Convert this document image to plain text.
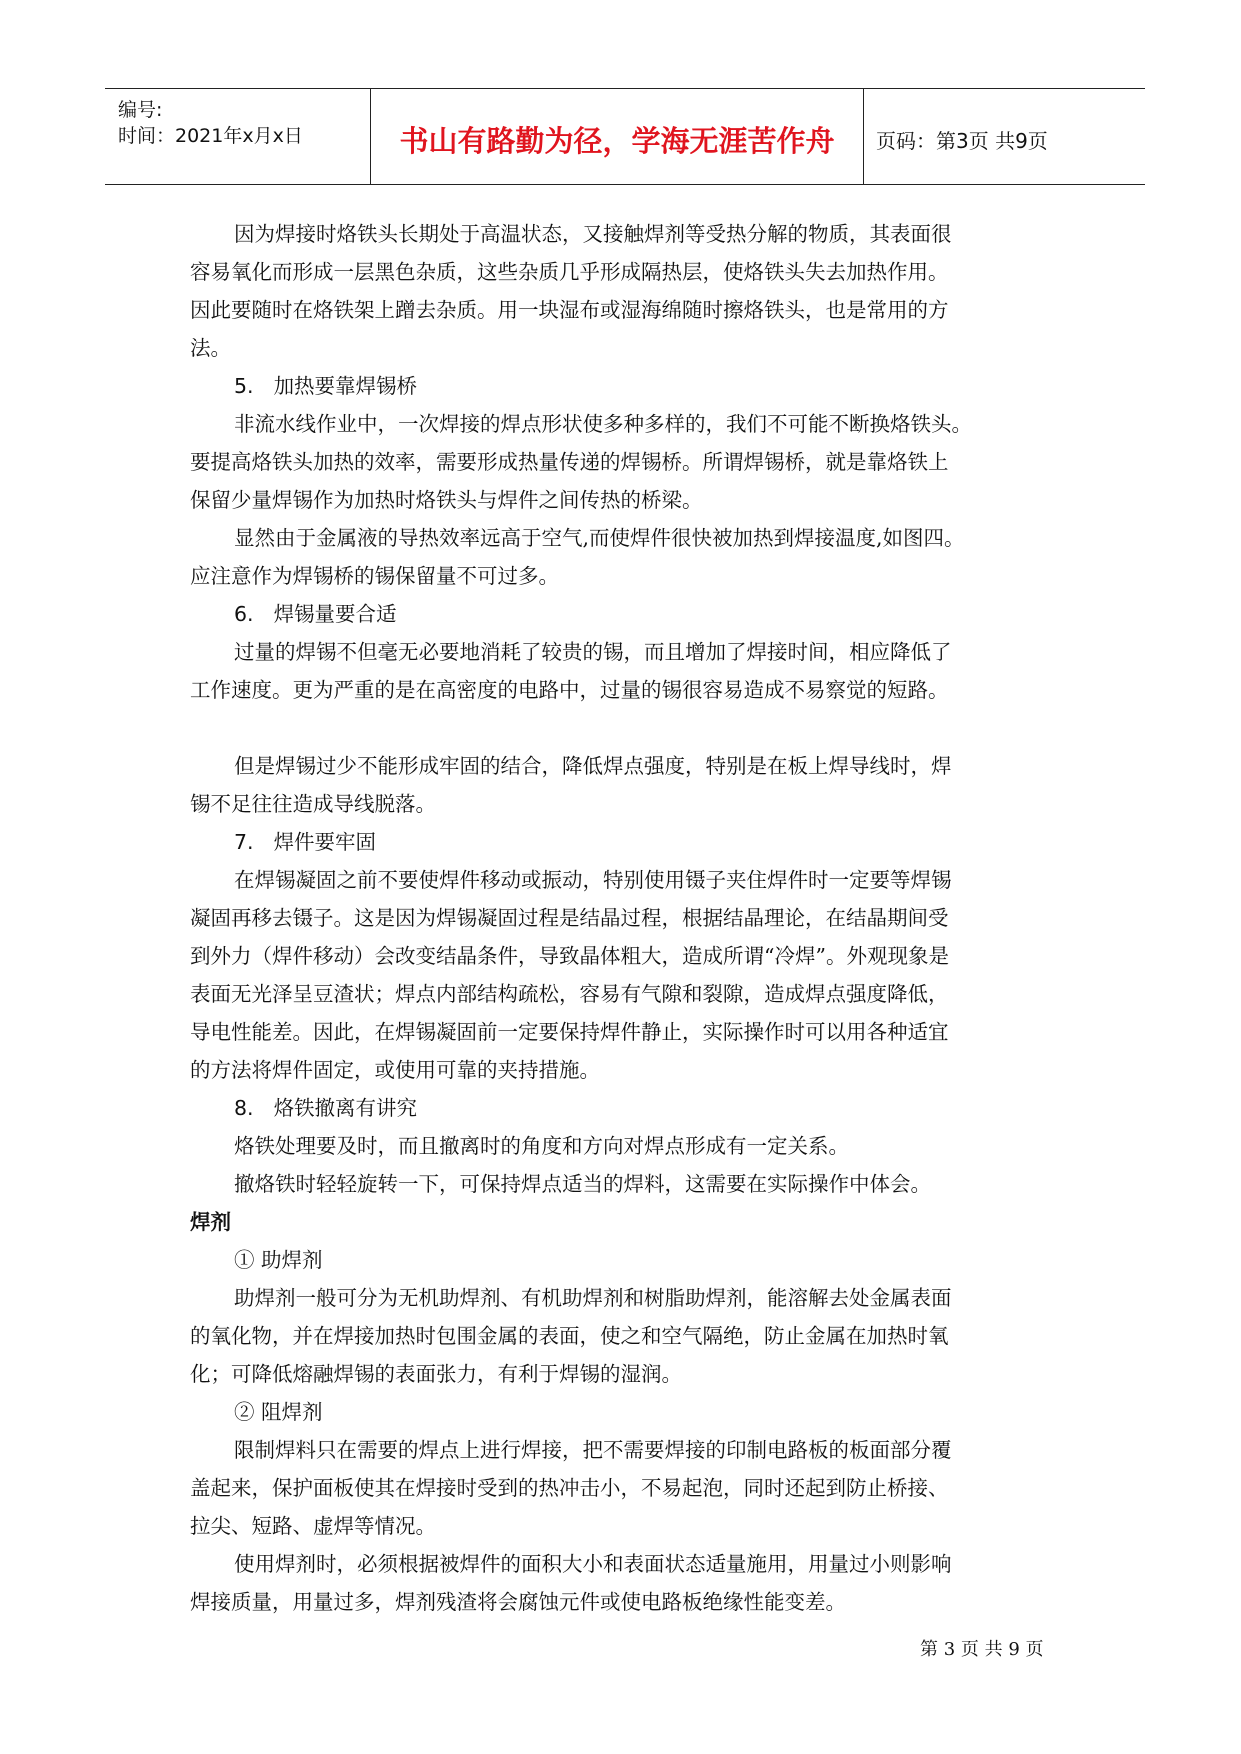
编号:
时间：2021年x月x日	书山有路勤为径，学海无涯苦作舟	页码：第3页 共9页
因为焊接时烙铁头长期处于高温状态，又接触焊剂等受热分解的物质，其表面很
容易氧化而形成一层黑色杂质，这些杂质几乎形成隔热层，使烙铁头失去加热作用。
因此要随时在烙铁架上蹭去杂质。用一块湿布或湿海绵随时擦烙铁头，也是常用的方
法。
5. 加热要靠焊锡桥
非流水线作业中，一次焊接的焊点形状使多种多样的，我们不可能不断换烙铁头。
要提高烙铁头加热的效率，需要形成热量传递的焊锡桥。所谓焊锡桥，就是靠烙铁上
保留少量焊锡作为加热时烙铁头与焊件之间传热的桥梁。
显然由于金属液的导热效率远高于空气,而使焊件很快被加热到焊接温度,如图四。
应注意作为焊锡桥的锡保留量不可过多。
6. 焊锡量要合适
过量的焊锡不但毫无必要地消耗了较贵的锡，而且增加了焊接时间，相应降低了
工作速度。更为严重的是在高密度的电路中，过量的锡很容易造成不易察觉的短路。
但是焊锡过少不能形成牢固的结合，降低焊点强度，特别是在板上焊导线时，焊
锡不足往往造成导线脱落。
7. 焊件要牢固
在焊锡凝固之前不要使焊件移动或振动，特别使用镊子夹住焊件时一定要等焊锡
凝固再移去镊子。这是因为焊锡凝固过程是结晶过程，根据结晶理论，在结晶期间受
到外力（焊件移动）会改变结晶条件，导致晶体粗大，造成所谓“冷焊”。外观现象是
表面无光泽呈豆渣状；焊点内部结构疏松，容易有气隙和裂隙，造成焊点强度降低，
导电性能差。因此，在焊锡凝固前一定要保持焊件静止，实际操作时可以用各种适宜
的方法将焊件固定，或使用可靠的夹持措施。
8. 烙铁撤离有讲究
烙铁处理要及时，而且撤离时的角度和方向对焊点形成有一定关系。
撤烙铁时轻轻旋转一下，可保持焊点适当的焊料，这需要在实际操作中体会。
焊剂
① 助焊剂
助焊剂一般可分为无机助焊剂、有机助焊剂和树脂助焊剂，能溶解去处金属表面
的氧化物，并在焊接加热时包围金属的表面，使之和空气隔绝，防止金属在加热时氧
化；可降低熔融焊锡的表面张力，有利于焊锡的湿润。
② 阻焊剂
限制焊料只在需要的焊点上进行焊接，把不需要焊接的印制电路板的板面部分覆
盖起来，保护面板使其在焊接时受到的热冲击小，不易起泡，同时还起到防止桥接、
拉尖、短路、虚焊等情况。
使用焊剂时，必须根据被焊件的面积大小和表面状态适量施用，用量过小则影响
焊接质量，用量过多，焊剂残渣将会腐蚀元件或使电路板绝缘性能变差。
第 3 页 共 9 页
